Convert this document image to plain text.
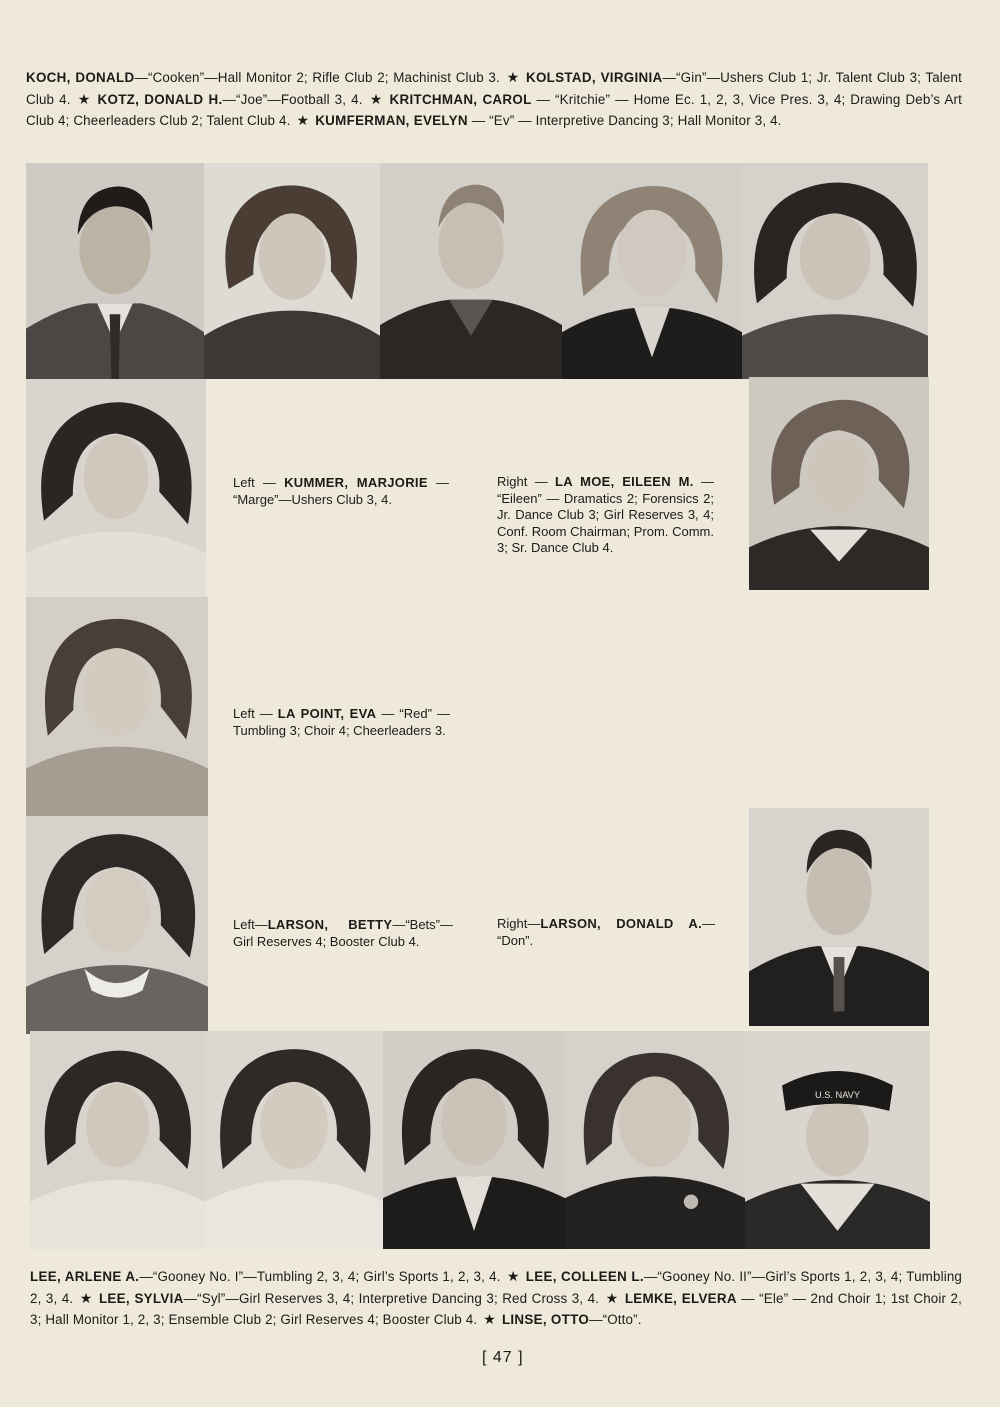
KOCH, DONALD—“Cooken”—Hall Monitor 2; Rifle Club 2; Machinist Club 3. ★ KOLSTAD, VIRGINIA—“Gin”—Ushers Club 1; Jr. Talent Club 3; Talent Club 4. ★ KOTZ, DONALD H.—“Joe”—Football 3, 4. ★ KRITCHMAN, CAROL — “Kritchie” — Home Ec. 1, 2, 3, Vice Pres. 3, 4; Drawing Deb’s Art Club 4; Cheerleaders Club 2; Talent Club 4. ★ KUMFERMAN, EVELYN — “Ev” — Interpretive Dancing 3; Hall Monitor 3, 4.
U.S. NAVY
Left — KUMMER, MARJORIE — “Marge”—Ushers Club 3, 4.
Right — LA MOE, EILEEN M. — “Eileen” — Dramatics 2; Forensics 2; Jr. Dance Club 3; Girl Reserves 3, 4; Conf. Room Chairman; Prom. Comm. 3; Sr. Dance Club 4.
Left — LA POINT, EVA — “Red” — Tumbling 3; Choir 4; Cheerleaders 3.
Left—LARSON, BETTY—“Bets”— Girl Reserves 4; Booster Club 4.
Right—LARSON, DONALD A.— “Don”.
LEE, ARLENE A.—“Gooney No. I”—Tumbling 2, 3, 4; Girl’s Sports 1, 2, 3, 4. ★ LEE, COLLEEN L.—“Gooney No. II”—Girl’s Sports 1, 2, 3, 4; Tumbling 2, 3, 4. ★ LEE, SYLVIA—“Syl”—Girl Reserves 3, 4; Interpretive Dancing 3; Red Cross 3, 4. ★ LEMKE, ELVERA — “Ele” — 2nd Choir 1; 1st Choir 2, 3; Hall Monitor 1, 2, 3; Ensemble Club 2; Girl Reserves 4; Booster Club 4. ★ LINSE, OTTO—“Otto”.
[ 47 ]
